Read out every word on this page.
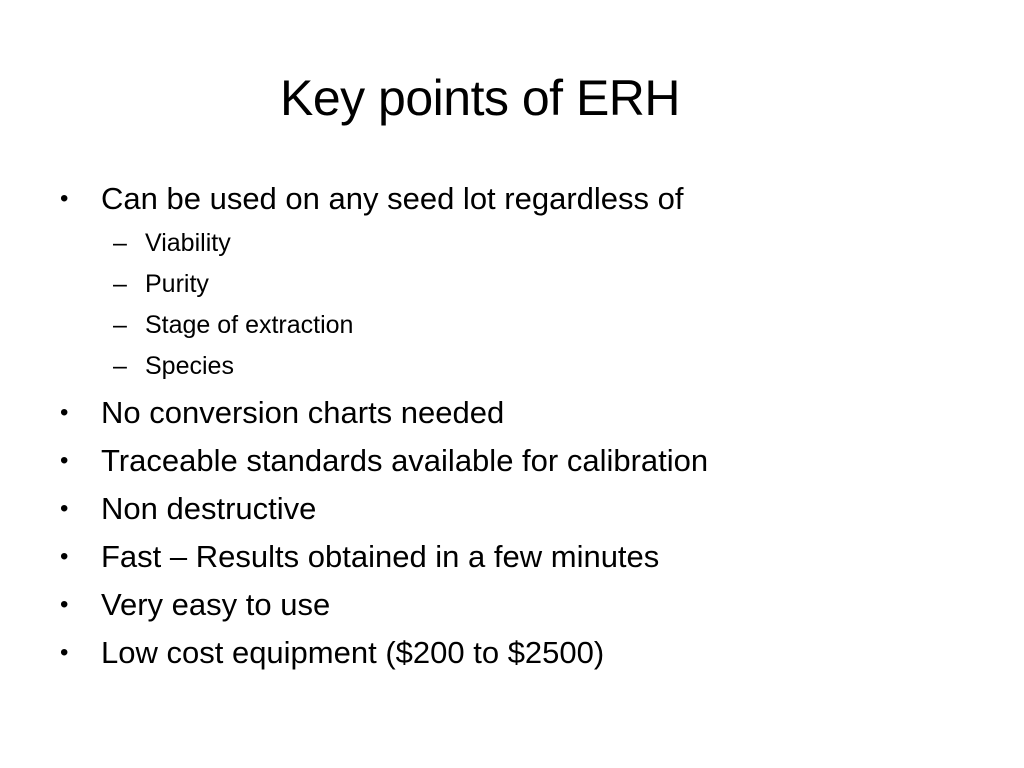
Key points of ERH
• Can be used on any seed lot regardless of
– Viability
– Purity
– Stage of extraction
– Species
• No conversion charts needed
• Traceable standards available for calibration
• Non destructive
• Fast – Results obtained in a few minutes
• Very easy to use
• Low cost equipment ($200 to $2500)
